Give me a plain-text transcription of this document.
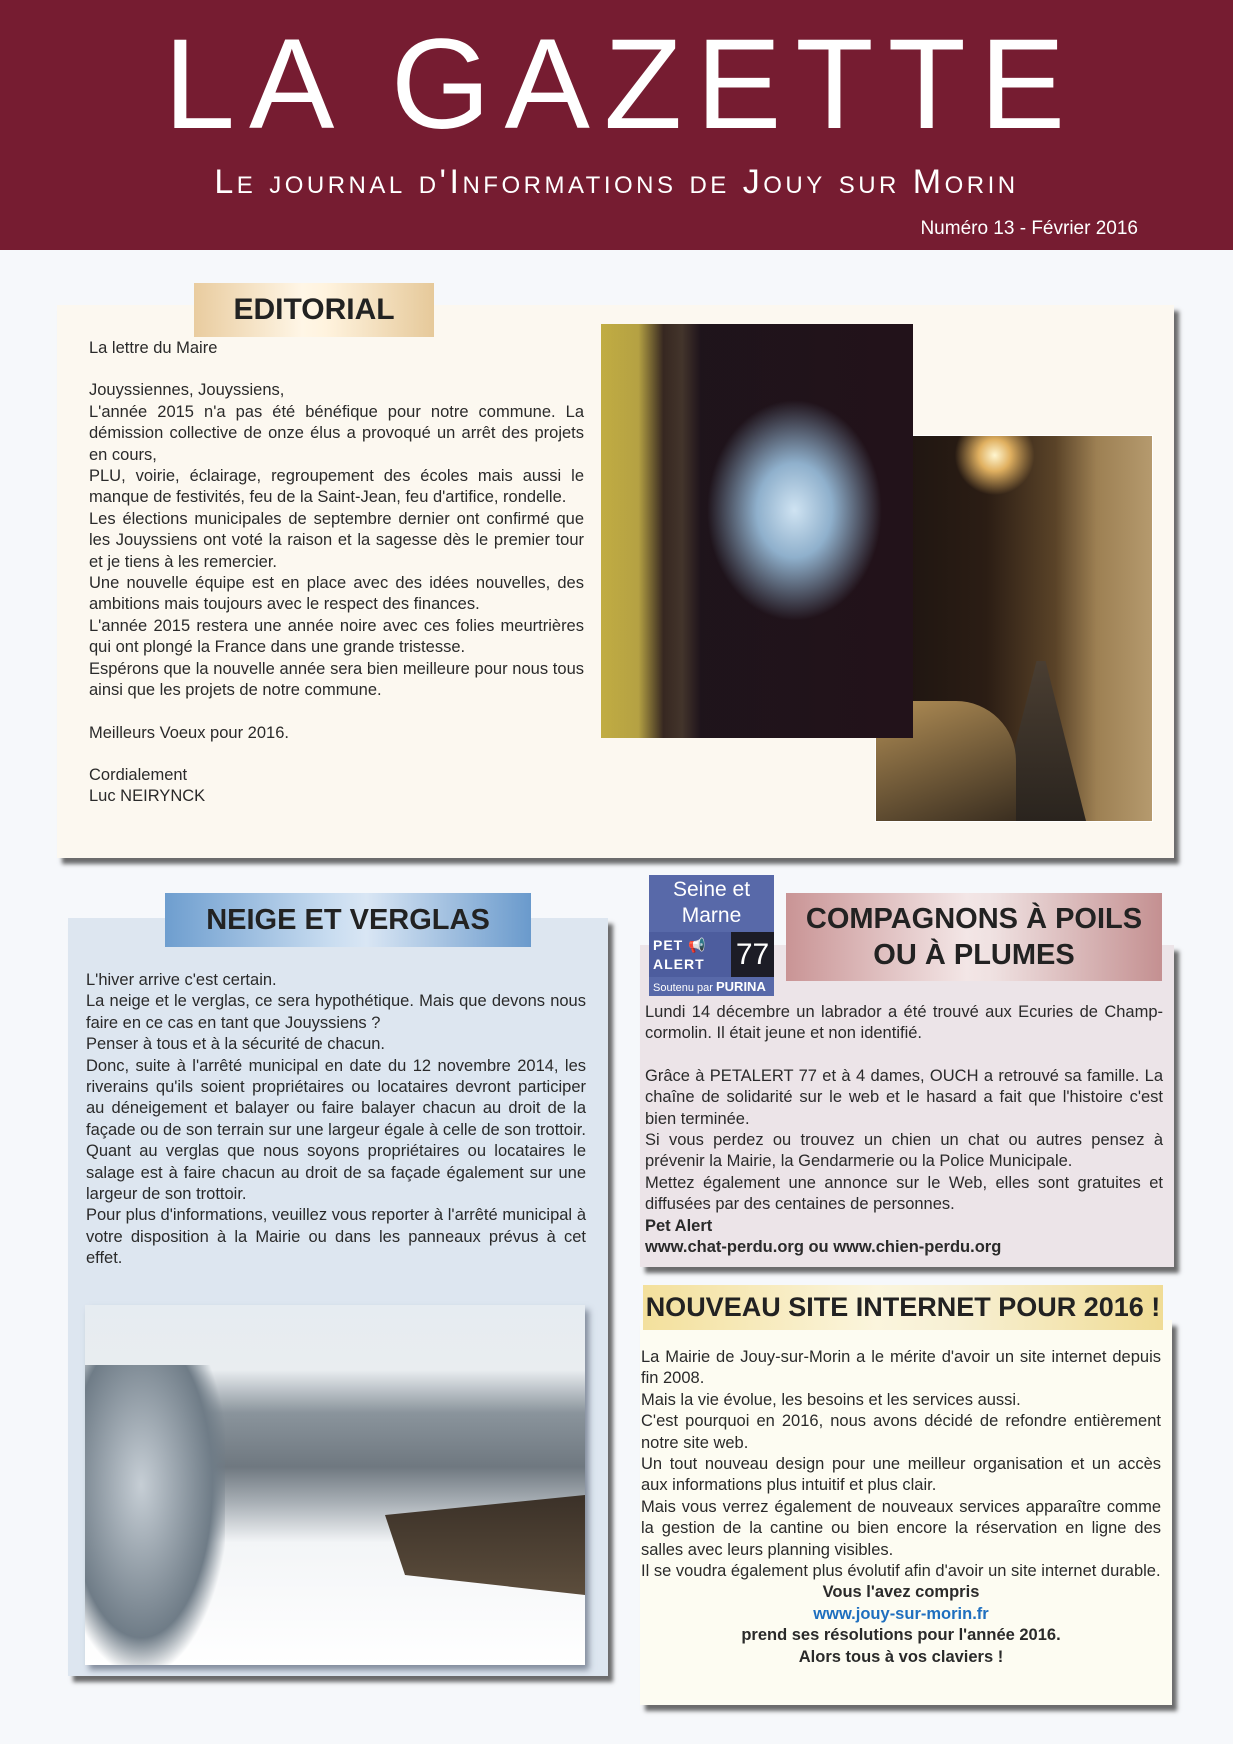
LA GAZETTE
Le journal d'Informations de Jouy sur Morin
Numéro 13 - Février 2016

La lettre du Maire

Jouyssiennes, Jouyssiens,

L'année 2015 n'a pas été bénéfique pour notre commune. La démission collective de onze élus a provoqué un arrêt des projets en cours,

PLU, voirie, éclairage, regroupement des écoles mais aussi le manque de festivités, feu de la Saint-Jean, feu d'artifice, rondelle.

Les élections municipales de septembre dernier ont confirmé que les Jouyssiens ont voté la raison et la sagesse dès le premier tour et je tiens à les remercier.

Une nouvelle équipe est en place avec des idées nouvelles, des ambitions mais toujours avec le respect des finances.

L'année 2015 restera une année noire avec ces folies meurtrières qui ont plongé la France dans une grande tristesse.

Espérons que la nouvelle année sera bien meilleure pour nous tous ainsi que les projets de notre commune.

Meilleurs Voeux pour 2016.

Cordialement

Luc NEIRYNCK

EDITORIAL

L'hiver arrive c'est certain.

La neige et le verglas, ce sera hypothétique. Mais que devons nous faire en ce cas en tant que Jouyssiens ?

Penser à tous et à la sécurité de chacun.

Donc, suite à l'arrêté municipal en date du 12 novembre 2014, les riverains qu'ils soient propriétaires ou locataires devront participer au déneigement et balayer ou faire balayer chacun au droit de la façade ou de son terrain sur une largeur égale à celle de son trottoir.

Quant au verglas que nous soyons propriétaires ou locataires le salage est à faire chacun au droit de sa façade également sur une largeur de son trottoir.

Pour plus d'informations, veuillez vous reporter à l'arrêté municipal à votre disposition à la Mairie ou dans les panneaux prévus à cet effet.

NEIGE ET VERGLAS

Lundi 14 décembre un labrador a été trouvé aux Ecuries de Champ-cormolin. Il était jeune et non identifié.

Grâce à PETALERT 77 et à 4 dames, OUCH a retrouvé sa famille. La chaîne de solidarité sur le web et le hasard a fait que l'histoire c'est bien terminée.

Si vous perdez ou trouvez un chien un chat ou autres pensez à prévenir la Mairie, la Gendarmerie ou la Police Municipale.

Mettez également une annonce sur le Web, elles sont gratuites et diffusées par des centaines de personnes.

Pet Alert

www.chat-perdu.org ou www.chien-perdu.org

Seine et Marne
PET 📢
ALERT	77
Soutenu par PURINA
COMPAGNONS À POILS
OU À PLUMES

La Mairie de Jouy-sur-Morin a le mérite d'avoir un site internet depuis fin 2008.

Mais la vie évolue, les besoins et les services aussi.

C'est pourquoi en 2016, nous avons décidé de refondre entièrement notre site web.

Un tout nouveau design pour une meilleur organisation et un accès aux informations plus intuitif et plus clair.

Mais vous verrez également de nouveaux services apparaître comme la gestion de la cantine ou bien encore la réservation en ligne des salles avec leurs planning visibles.

Il se voudra également plus évolutif afin d'avoir un site internet durable.

Vous l'avez compris

www.jouy-sur-morin.fr

prend ses résolutions pour l'année 2016.

Alors tous à vos claviers !

NOUVEAU SITE INTERNET POUR 2016 !
